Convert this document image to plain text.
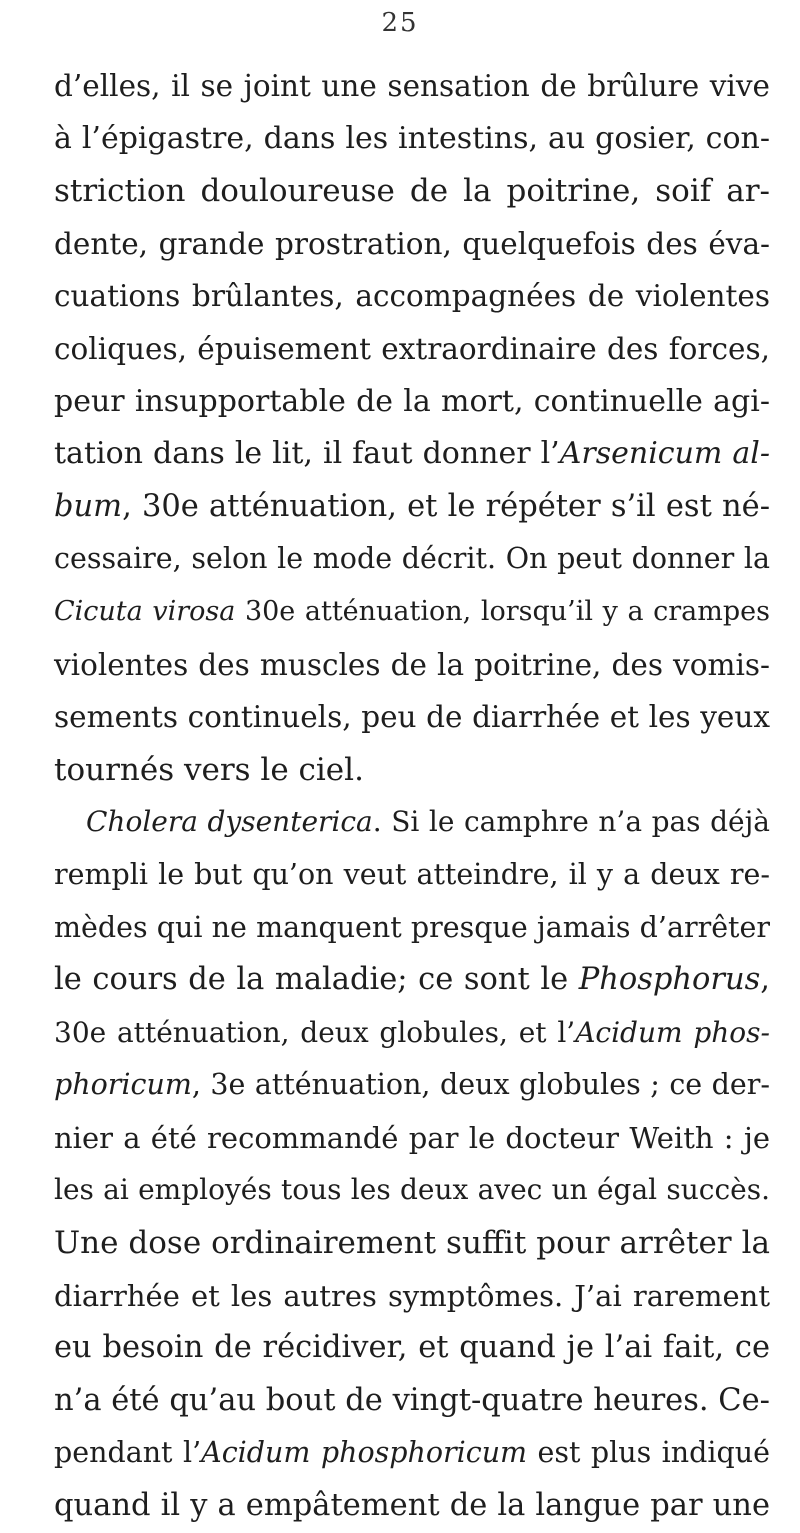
25
d’elles, il se joint une sensation de brûlure vive
à l’épigastre, dans les intestins, au gosier, con-
striction douloureuse de la poitrine, soif ar-
dente, grande prostration, quelquefois des éva-
cuations brûlantes, accompagnées de violentes
coliques, épuisement extraordinaire des forces,
peur insupportable de la mort, continuelle agi-
tation dans le lit, il faut donner l’Arsenicum al-
bum, 30e atténuation, et le répéter s’il est né-
cessaire, selon le mode décrit. On peut donner la
Cicuta virosa 30e atténuation, lorsqu’il y a crampes
violentes des muscles de la poitrine, des vomis-
sements continuels, peu de diarrhée et les yeux
tournés vers le ciel.
Cholera dysenterica. Si le camphre n’a pas déjà
rempli le but qu’on veut atteindre, il y a deux re-
mèdes qui ne manquent presque jamais d’arrêter
le cours de la maladie; ce sont le Phosphorus,
30e atténuation, deux globules, et l’Acidum phos-
phoricum, 3e atténuation, deux globules ; ce der-
nier a été recommandé par le docteur Weith : je
les ai employés tous les deux avec un égal succès.
Une dose ordinairement suffit pour arrêter la
diarrhée et les autres symptômes. J’ai rarement
eu besoin de récidiver, et quand je l’ai fait, ce
n’a été qu’au bout de vingt-quatre heures. Ce-
pendant l’Acidum phosphoricum est plus indiqué
quand il y a empâtement de la langue par une
